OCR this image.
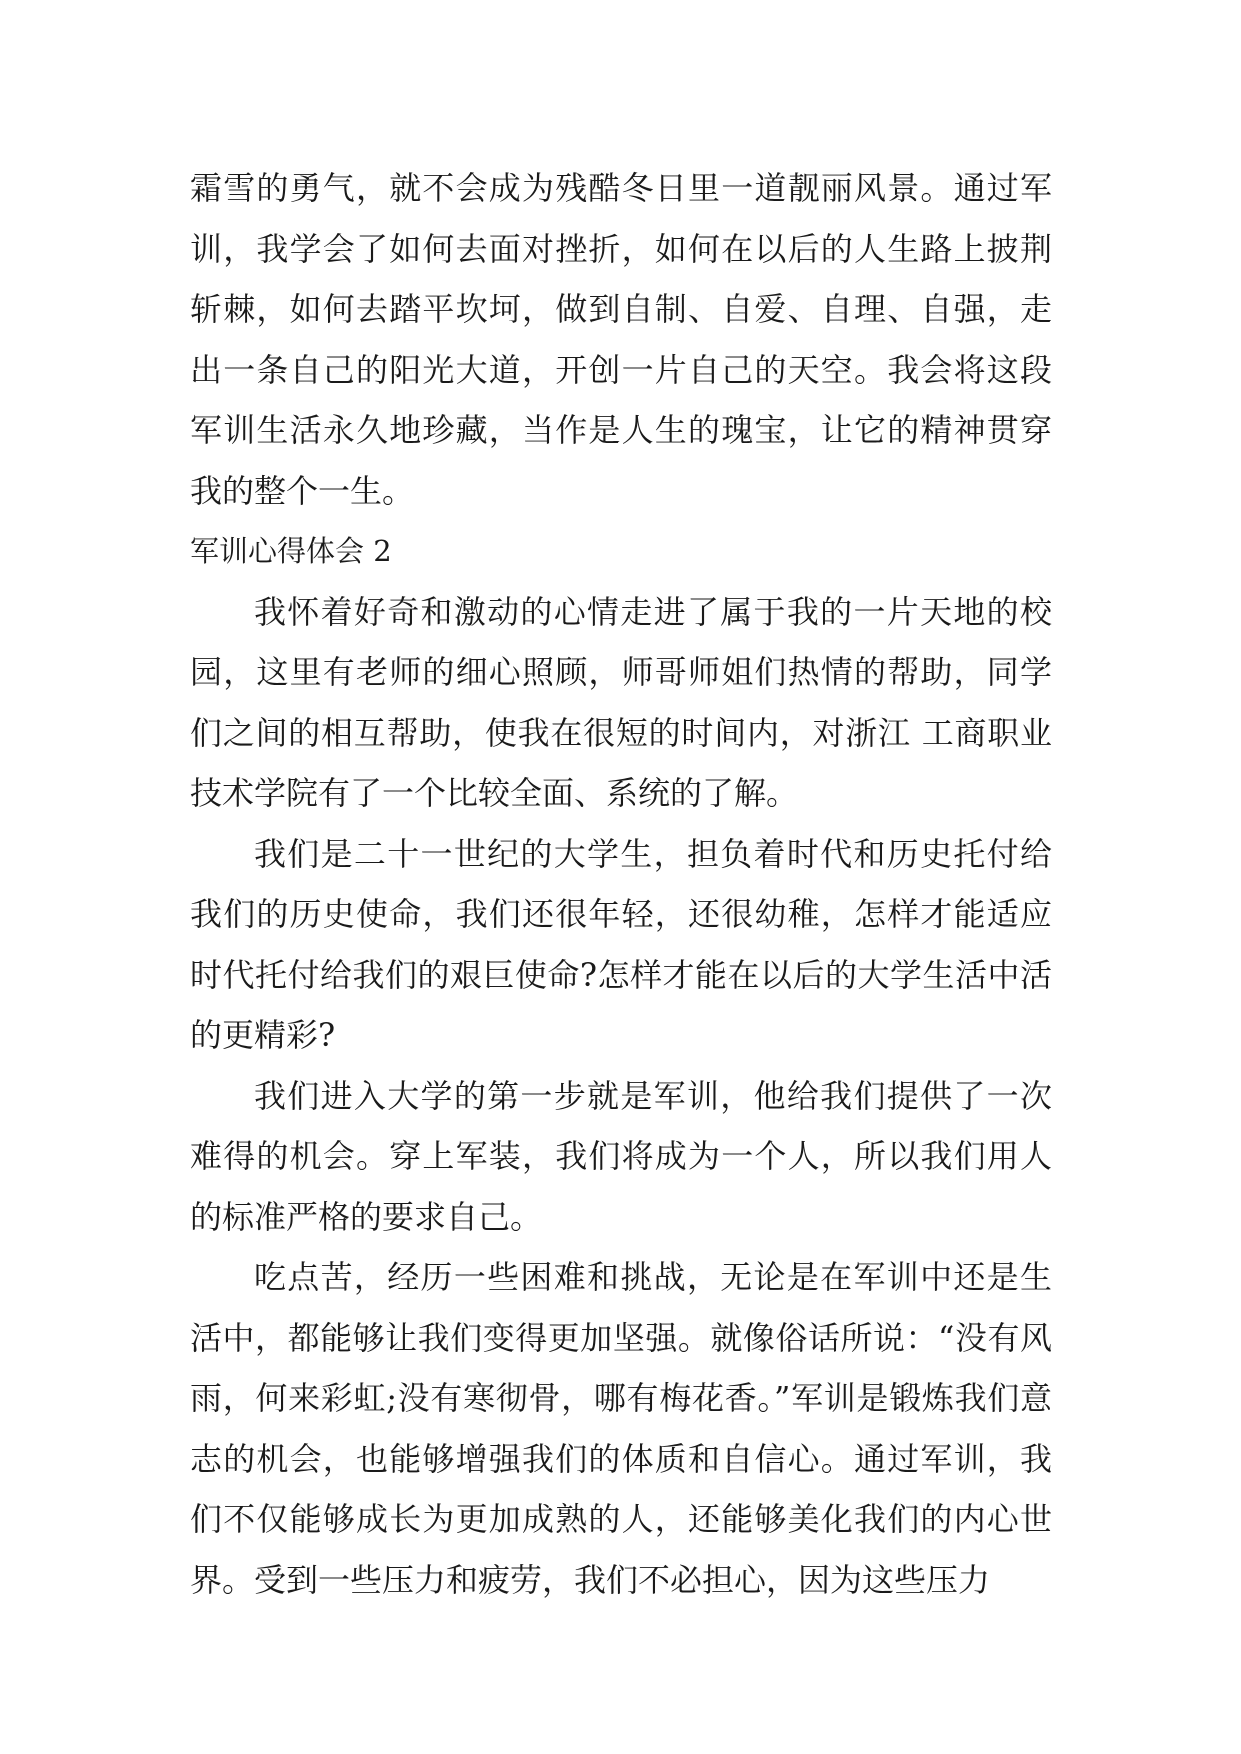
霜雪的勇气，就不会成为残酷冬日里一道靓丽风景。通过军训，我学会了如何去面对挫折，如何在以后的人生路上披荆斩棘，如何去踏平坎坷，做到自制、自爱、自理、自强，走出一条自己的阳光大道，开创一片自己的天空。我会将这段军训生活永久地珍藏，当作是人生的瑰宝，让它的精神贯穿我的整个一生。

军训心得体会 2

我怀着好奇和激动的心情走进了属于我的一片天地的校园，这里有老师的细心照顾，师哥师姐们热情的帮助，同学们之间的相互帮助，使我在很短的时间内，对浙江 工商职业技术学院有了一个比较全面、系统的了解。

我们是二十一世纪的大学生，担负着时代和历史托付给我们的历史使命，我们还很年轻，还很幼稚，怎样才能适应时代托付给我们的艰巨使命?怎样才能在以后的大学生活中活的更精彩?

我们进入大学的第一步就是军训，他给我们提供了一次难得的机会。穿上军装，我们将成为一个人，所以我们用人的标准严格的要求自己。

吃点苦，经历一些困难和挑战，无论是在军训中还是生活中，都能够让我们变得更加坚强。就像俗话所说：“没有风雨，何来彩虹;没有寒彻骨，哪有梅花香。”军训是锻炼我们意志的机会，也能够增强我们的体质和自信心。通过军训，我们不仅能够成长为更加成熟的人，还能够美化我们的内心世界。受到一些压力和疲劳，我们不必担心，因为这些压力
